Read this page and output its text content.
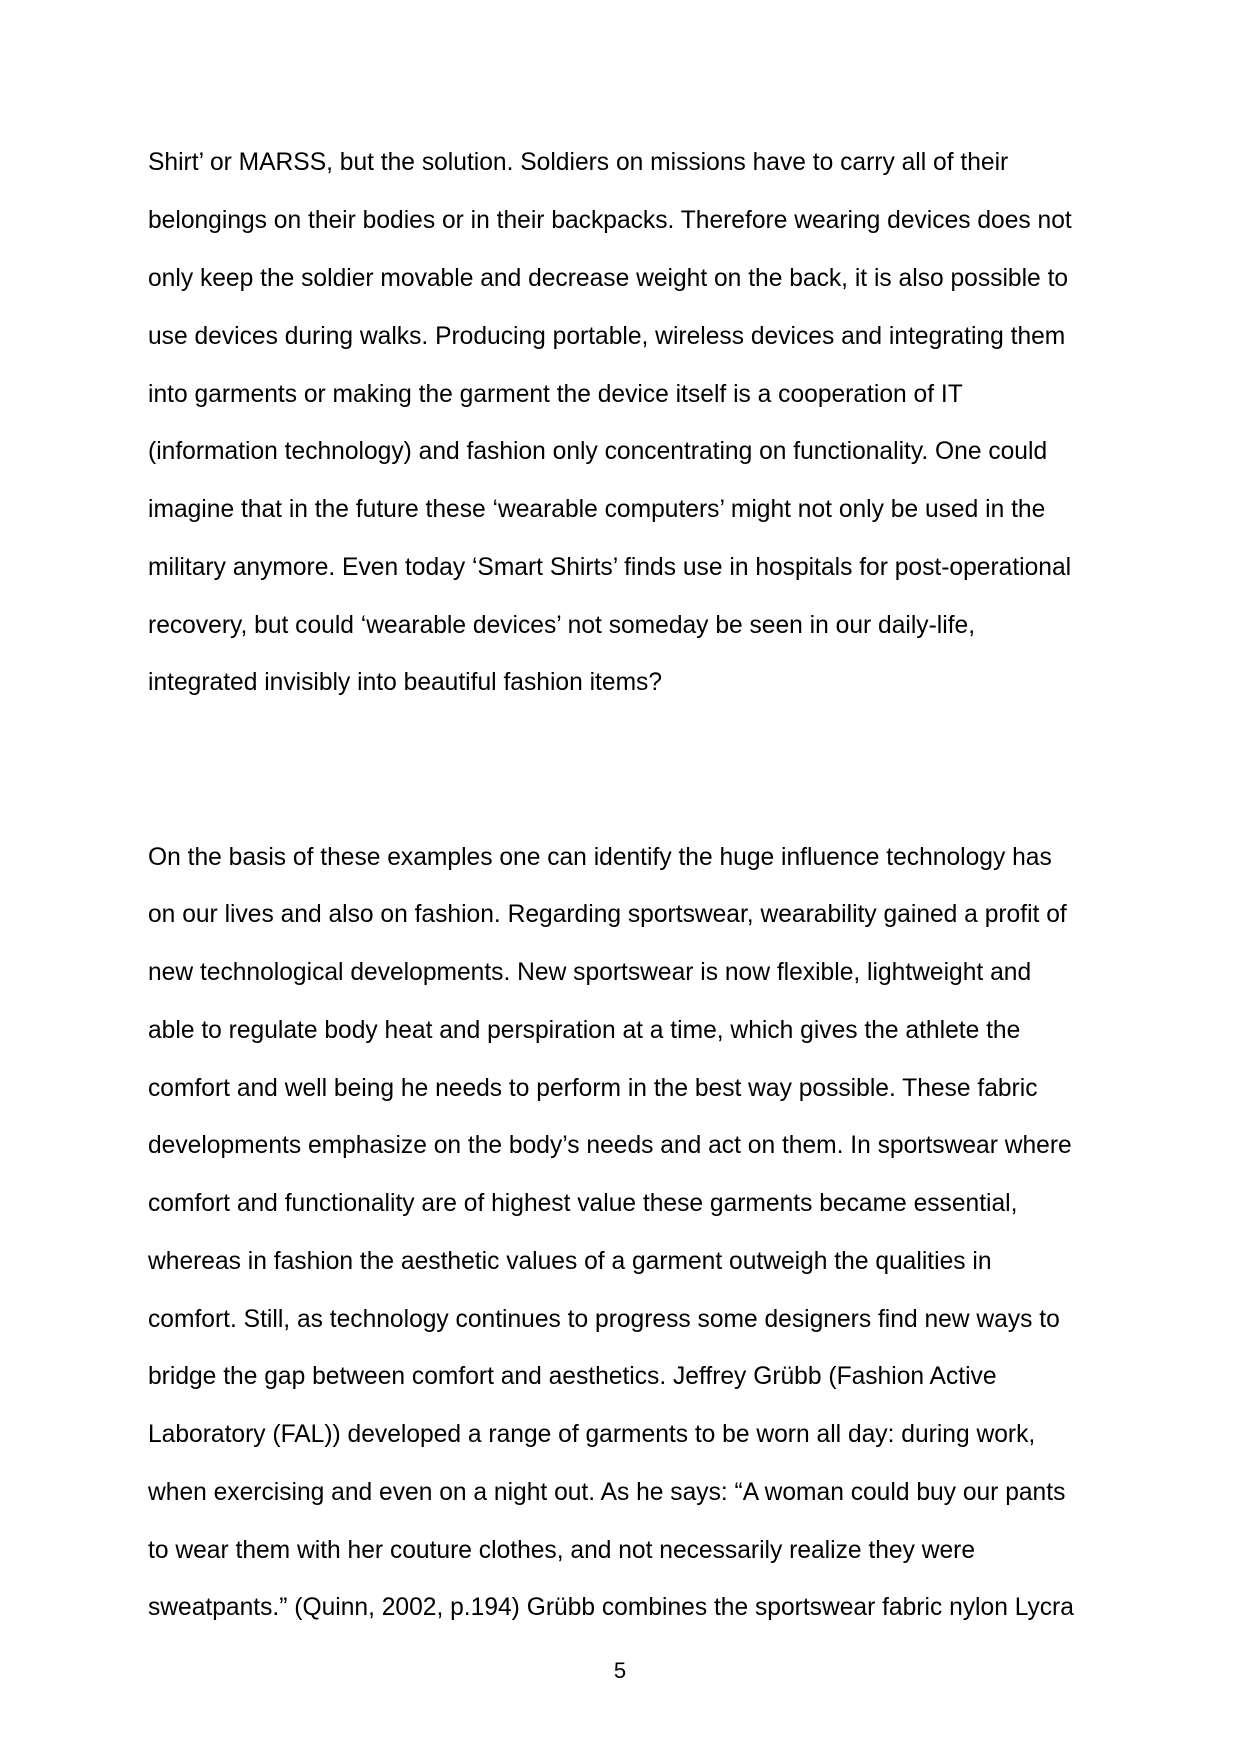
Shirt’ or MARSS, but the solution. Soldiers on missions have to carry all of their

belongings on their bodies or in their backpacks. Therefore wearing devices does not

only keep the soldier movable and decrease weight on the back, it is also possible to

use devices during walks. Producing portable, wireless devices and integrating them

into garments or making the garment the device itself is a cooperation of IT

(information technology) and fashion only concentrating on functionality. One could

imagine that in the future these ‘wearable computers’ might not only be used in the

military anymore. Even today ‘Smart Shirts’ finds use in hospitals for post-operational

recovery, but could ‘wearable devices’ not someday be seen in our daily-life,

integrated invisibly into beautiful fashion items?

On the basis of these examples one can identify the huge influence technology has

on our lives and also on fashion. Regarding sportswear, wearability gained a profit of

new technological developments. New sportswear is now flexible, lightweight and

able to regulate body heat and perspiration at a time, which gives the athlete the

comfort and well being he needs to perform in the best way possible. These fabric

developments emphasize on the body’s needs and act on them. In sportswear where

comfort and functionality are of highest value these garments became essential,

whereas in fashion the aesthetic values of a garment outweigh the qualities in

comfort. Still, as technology continues to progress some designers find new ways to

bridge the gap between comfort and aesthetics. Jeffrey Grübb (Fashion Active

Laboratory (FAL)) developed a range of garments to be worn all day: during work,

when exercising and even on a night out. As he says: “A woman could buy our pants

to wear them with her couture clothes, and not necessarily realize they were

sweatpants.” (Quinn, 2002, p.194) Grübb combines the sportswear fabric nylon Lycra

5
